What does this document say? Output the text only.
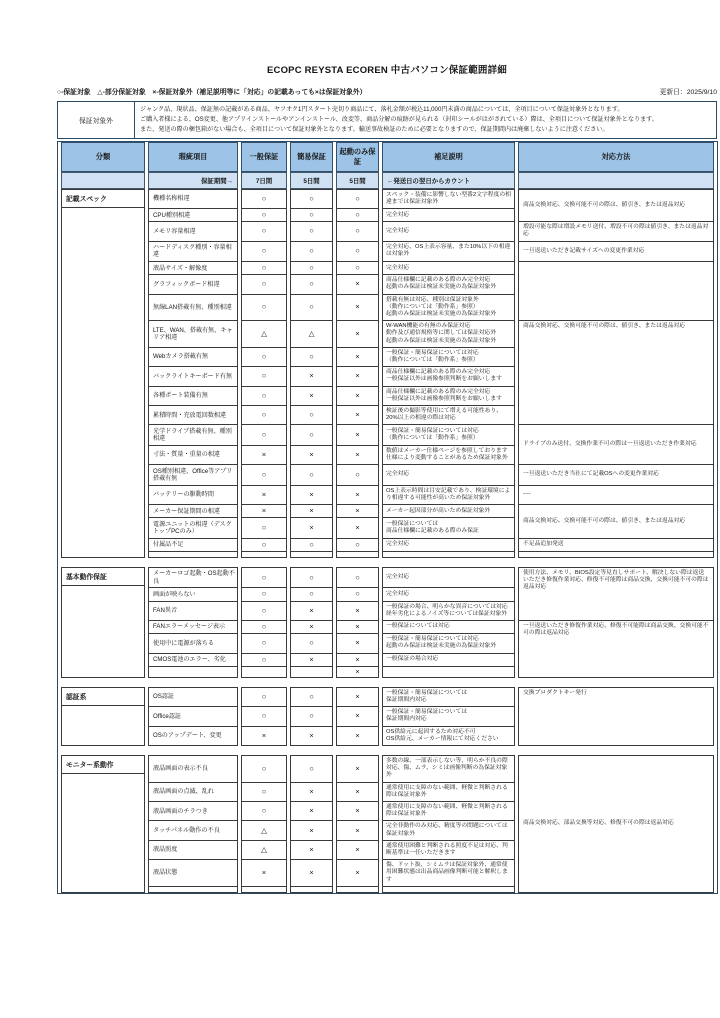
ECOPC REYSTA ECOREN 中古パソコン保証範囲詳細
○-保証対象　△-部分保証対象　×-保証対象外（補足説明等に「対応」の記載あっても×は保証対象外）	更新日：2025/9/10
保証対象外
ジャンク品、現状品、保証無の記載がある商品、ヤフオク1円スタート売切り商品にて、落札金額が税込11,000円未満の商品については、全項目について保証対象外となります。
ご購入者様による、OS変更、他アプリインストールやアンインストール、改変等、商品分解の痕跡が見られる（封印シールがはがされている）際は、全項目について保証対象外となります。
また、発送の際の梱包箱がない場合も、全項目について保証対象外となります。輸送事故検証のために必要となりますので、保証期間内は廃棄しないように注意ください。
分類	瑕疵項目	一般保証	簡易保証	起動のみ保証	補足説明	対応方法
	保証期間→	7日間	5日間	5日間	←発送日の翌日からカウント	

記載スペック	機種名称相違	○	○	○	スペック・装備に影響しない型番2文字程度の相違までは保証対象外	商品交換対応、交換可能不可の際は、値引き、または返品対応

	CPU種別相違	○	○	○	完全対応	

	メモリ容量相違	○	○	○	完全対応	増設可能な際は増設メモリ送付、増設不可の際は値引き、または返品対応

	ハードディスク種別・容量相違	○	○	○	完全対応、OS上表示容量、また10%以下の相違は対象外	一旦返送いただき記載サイズへの変更作業対応

	液晶サイズ・解像度	○	○	○	完全対応	

	グラフィックボード相違	○	○	×	商品仕様欄に記載のある際のみ完全対応
起動のみ保証は検証未実施の為保証対象外	

	無線LAN搭載有無、種別相違	○	○	×	搭載有無は対応、種別は保証対象外
（動作については「動作系」参照）
起動のみ保証は検証未実施の為保証対象外	

	LTE、WAN、搭載有無、キャリア相違	△	△	×	W-WAN機能の有無のみ保証対応
動作及び通信規格等に関しては保証対応外
起動のみ保証は検証未実施の為保証対象外	商品交換対応、交換可能不可の際は、値引き、または返品対応

	Webカメラ搭載有無	○	○	×	一般保証・簡易保証については対応
（動作については「動作系」参照）	

	バックライトキーボード有無	○	×	×	商品仕様欄に記載のある際のみ完全対応
一般保証以外は画像参照判断をお願いします	

	各種ポート装備有無	○	×	×	商品仕様欄に記載のある際のみ完全対応
一般保証以外は画像参照判断をお願いします	

	累積時間・充放電回数相違	○	○	×	検証後の撮影等使用にて増える可能性あり、20%以上の相違の際は対応	

	光学ドライブ搭載有無、種別相違	○	○	×	一般保証・簡易保証については対応
（動作については「動作系」参照）	ドライブのみ送付、交換作業不可の際は一旦返送いただき作業対応

	寸法・質量・重量の相違	×	×	×	数値はメーカー仕様ページを参照しております
仕様により変動することがあるため保証対象外	

	OS種別相違、Office等アプリ搭載有無	○	○	○	完全対応	一旦返送いただき当社にて記載OSへの変更作業対応

	バッテリーの駆動時間	×	×	×	OS上表示時間は目安記載であり、検証環境により相違する可能性が高いため保証対象外	----

	メーカー保証期間の相違	×	×	×	メーカー起因部分が高いため保証対象外	商品交換対応、交換可能不可の際は、値引き、または返品対応

	電源ユニットの相違（デスクトップPCのみ）	○	×	×	一般保証については
商品仕様欄に記載のある際のみ保証	

	付属品不足	○	○	○	完全対応	不足品追加発送

基本動作保証	メーカーロゴ起動・OS起動不良	○	○	○	完全対応	使用方法、メモリ、BIOS設定等見直しサポート、解決しない際は返送いただき修復作業対応、修復不可能際は商品交換、交換可能不可の際は返品対応

	画面が映らない	○	○	○	完全対応	

	FAN異音	○	×	×	一般保証の場合、明らかな異音については対応
経年劣化によるノイズ等については保証対象外	

	FANエラーメッセージ表示	○	×	×	一般保証については対応	一旦返送いただき修復作業対応、修復不可能際は商品交換、交換可能不可の際は返品対応

	使用中に電源が落ちる	○	○	×	一般保証・簡易保証については対応
起動のみ保証は検証未実施の為保証対象外	

	CMOS電池のエラー、劣化	○	×	×	一般保証の場合対応	

				×		

認証系	OS認証	○	○	×	一般保証・簡易保証については
保証期間内対応	交換プロダクトキー発行

	Office認証	○	○	×	一般保証・簡易保証については
保証期間内対応	

	OSのアップデート、変更	×	×	×	OS供給元に起因するため対応不可
OS供給元、メーカー情報にて対応ください	

モニター系動作	液晶画面の表示不良	○	○	×	多数の線、一部表示しない等、明らか不良の際対応、傷、ムラ、シミは画像判断の為保証対象外	商品交換対応、部品交換等対応、修復不可の際は返品対応

	液晶画面の点滅、乱れ	○	×	×	通常使用に支障のない範囲、軽微と判断される際は保証対象外	

	液晶画面のチラつき	○	×	×	通常使用に支障のない範囲、軽微と判断される際は保証対象外	

	タッチパネル動作の不良	△	×	×	完全非動作のみ対応、精度等の問題については保証対象外	

	液晶照度	△	×	×	通常使用困難と判断される照度不足は対応、判断基準は一任いただきます	

	液晶状態	×	×	×	傷、ドット抜、シミムラは保証対象外、通常使用困難状態は出品商品画像判断可能と解釈します	
